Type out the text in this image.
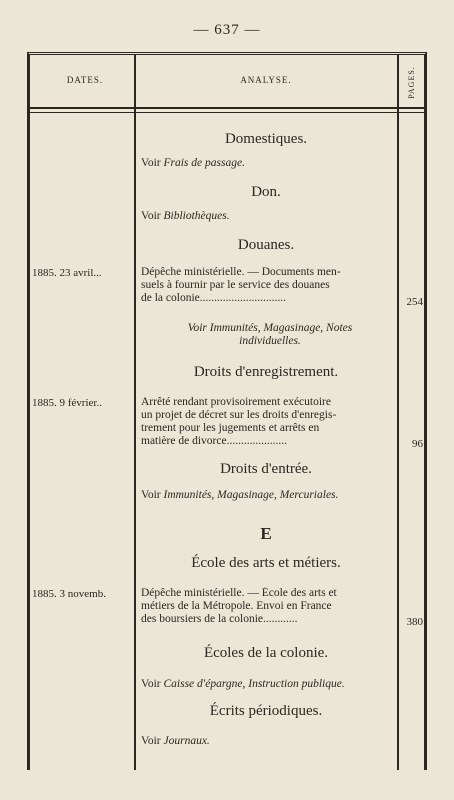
— 637 —
DATES.	ANALYSE.	PAGES.
Domestiques.
Voir Frais de passage.
Don.
Voir Bibliothèques.
Douanes.
1885. 23 avril...	Dépêche ministérielle. — Documents men-
suels à fournir par le service des douanes
de la colonie..............................	254
Voir Immunités, Magasinage, Notes
individuelles.
Droits d'enregistrement.
1885. 9 février..	Arrêté rendant provisoirement exécutoire
un projet de décret sur les droits d'enregis-
trement pour les jugements et arrêts en
matière de divorce.....................	96
Droits d'entrée.
Voir Immunités, Magasinage, Mercuriales.
E
École des arts et métiers.
1885. 3 novemb.	Dépêche ministérielle. — École des arts et
métiers de la Métropole. Envoi en France
des boursiers de la colonie............	380
Écoles de la colonie.
Voir Caisse d'épargne, Instruction publique.
Écrits périodiques.
Voir Journaux.
